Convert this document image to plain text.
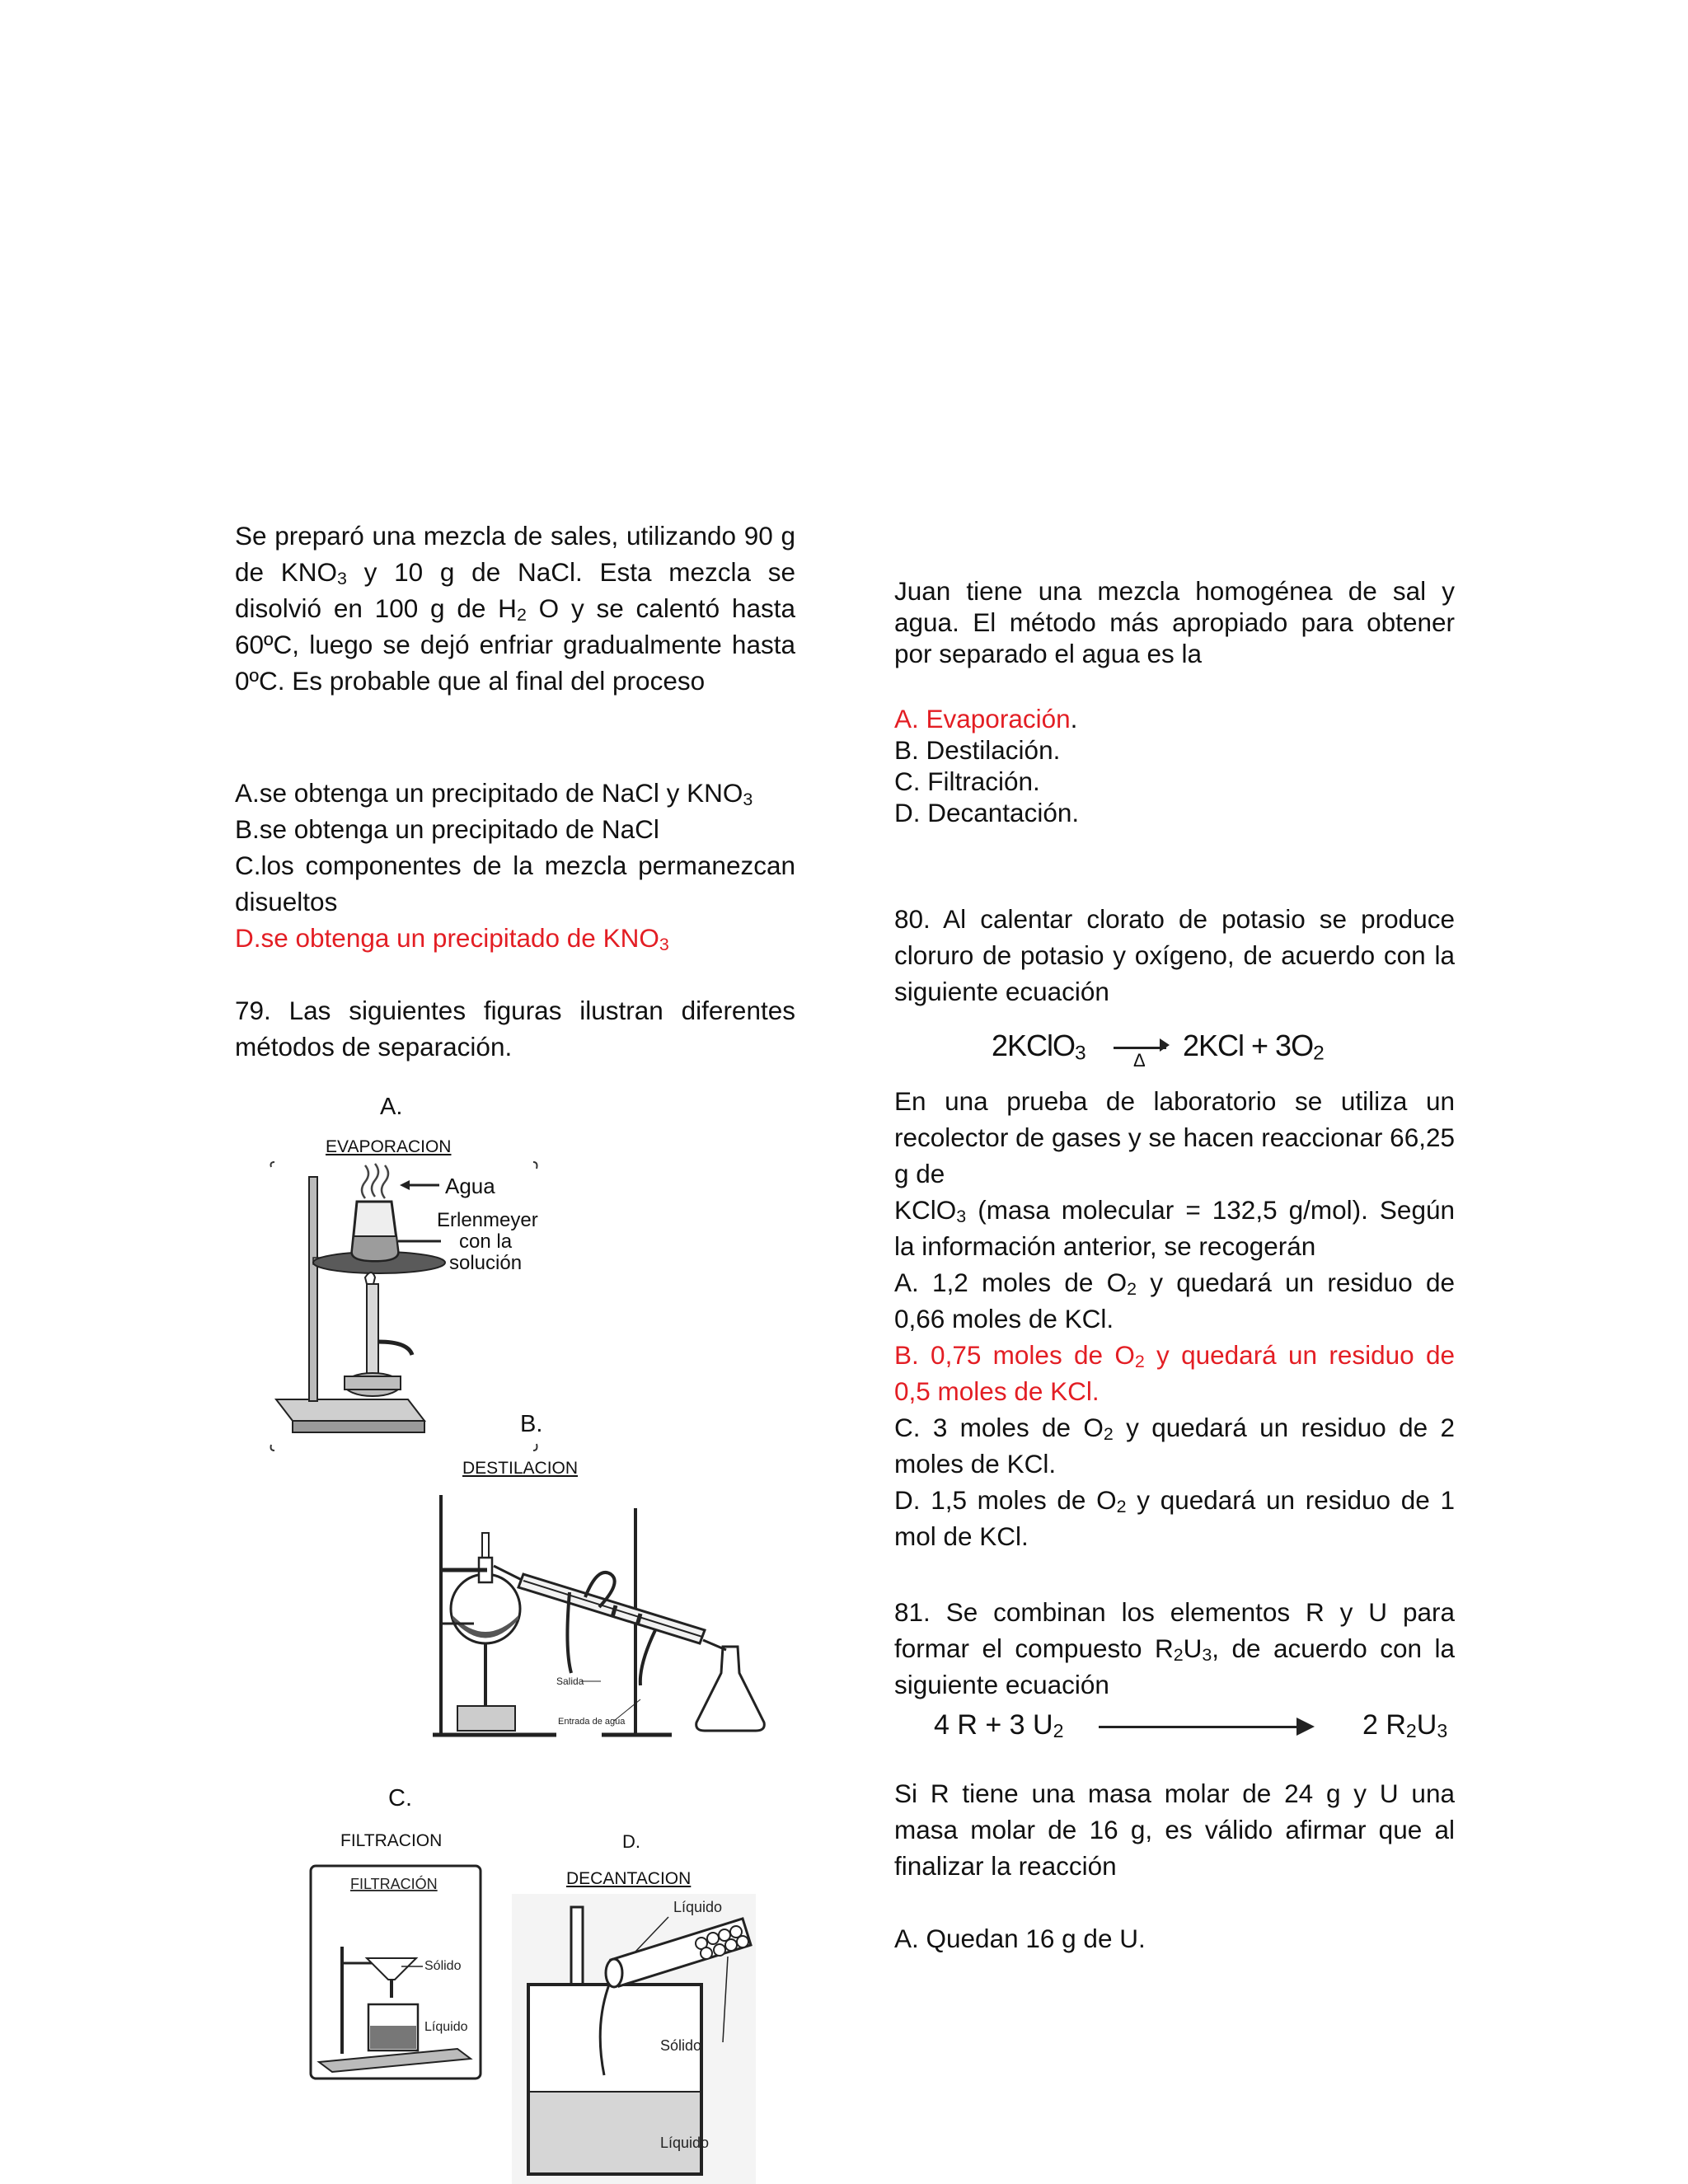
Se preparó una mezcla de sales, utilizando 90 g de $KNO_3$ y 10 g de NaCl. Esta mezcla se disolvió en 100 g de $H_2$ O y se calentó hasta 60ºC, luego se dejó enfriar gradualmente hasta 0ºC. Es probable que al final del proceso

A.se obtenga un precipitado de NaCl y $KNO_3$

B.se obtenga un precipitado de NaCl

C.los componentes de la mezcla permanezcan disueltos

D.se obtenga un precipitado de $KNO_3$

79. Las siguientes figuras ilustran diferentes métodos de separación.

A.
EVAPORACION
Agua
Erlenmeyer
con la
solución
B.
DESTILACION
Salida
Entrada de agua
C.
FILTRACION
FILTRACIÓN
Sólido
Líquido
D.
DECANTACION
Líquido
Sólido
Líquido

Juan tiene una mezcla homogénea de sal y agua. El método más apropiado para obtener por separado el agua es la

A. Evaporación.

B. Destilación.

C. Filtración.

D. Decantación.

80. Al calentar clorato de potasio se produce cloruro de potasio y oxígeno, de acuerdo con la siguiente ecuación

2KClO$_3$	Δ $2KCl + 3O_2$

En una prueba de laboratorio se utiliza un recolector de gases y se hacen reaccionar 66,25 g de

KClO$_3$ (masa molecular = 132,5 g/mol). Según la información anterior, se recogerán

A. 1,2 moles de $O_2$ y quedará un residuo de 0,66 moles de KCl.

B. 0,75 moles de $O_2$ y quedará un residuo de 0,5 moles de KCl.

C. 3 moles de $O_2$ y quedará un residuo de 2 moles de KCl.

D. 1,5 moles de $O_2$ y quedará un residuo de 1 mol de KCl.

81. Se combinan los elementos R y U para formar el compuesto $R_2U_3$, de acuerdo con la siguiente ecuación

4 R + 3 $U_2$	2 $R_2U_3$

Si R tiene una masa molar de 24 g y U una masa molar de 16 g, es válido afirmar que al finalizar la reacción

A. Quedan 16 g de U.
